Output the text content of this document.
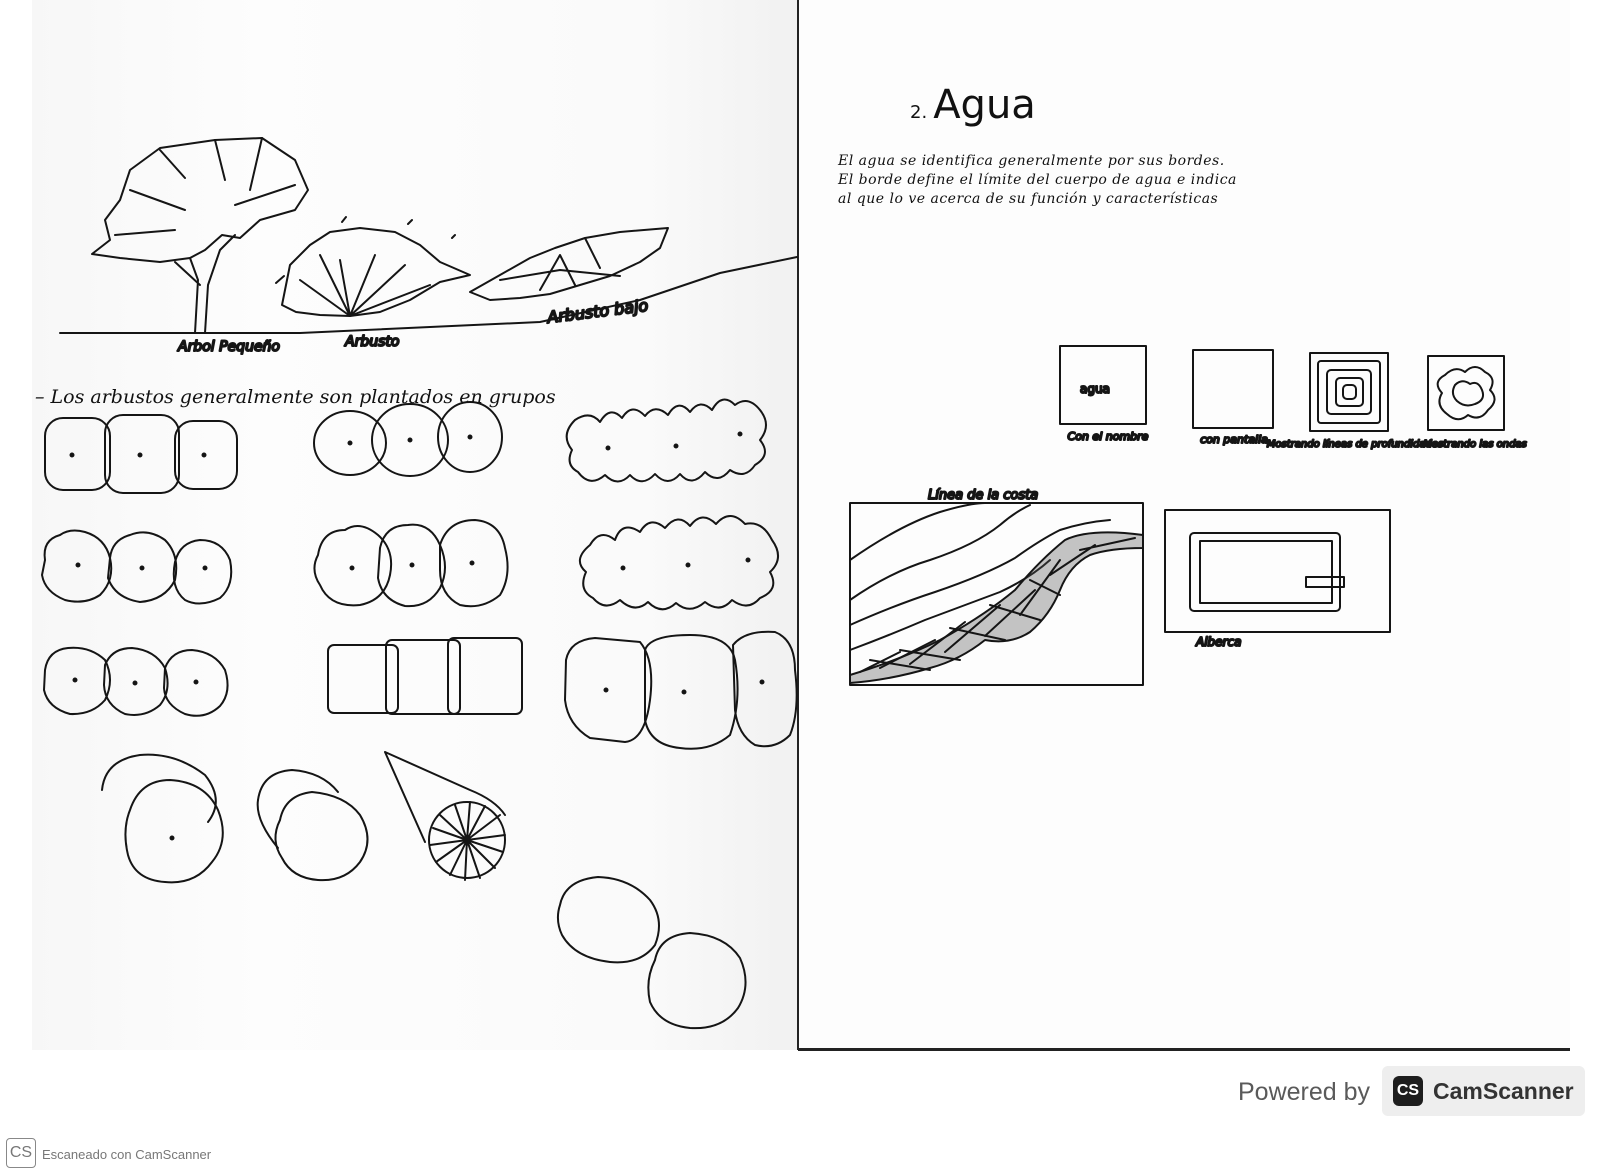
Arbol Pequeño	Arbusto
Arbusto bajo
agua
Con el nombre	con pantalla
Mostrando líneas de profundidades
Mostrando las ondas
Línea de la costa
Alberca
– Los arbustos generalmente son plantados en grupos
2. Agua
El agua se identifica generalmente por sus bordes.
El borde define el límite del cuerpo de agua e indica
al que lo ve acerca de su función y características
Powered by CS CamScanner
CS Escaneado con CamScanner
